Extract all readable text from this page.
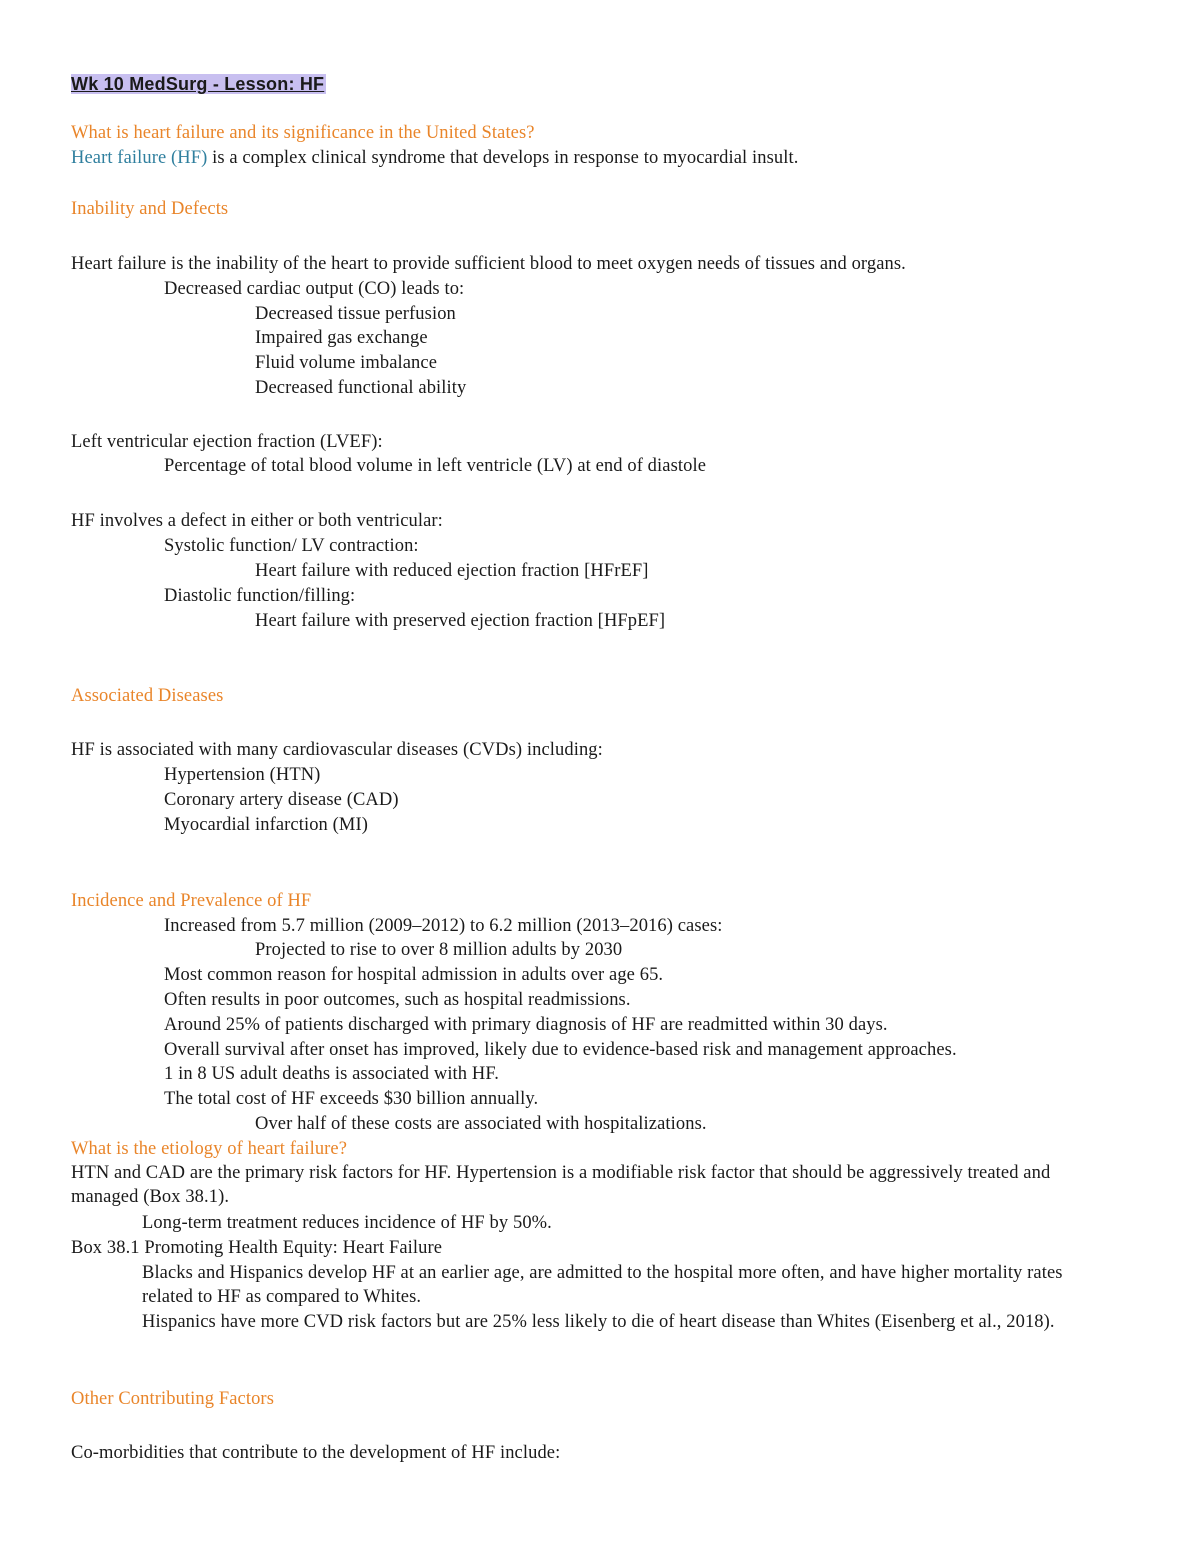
Wk 10 MedSurg - Lesson: HF
What is heart failure and its significance in the United States?
Heart failure (HF) is a complex clinical syndrome that develops in response to myocardial insult.
Inability and Defects
Heart failure is the inability of the heart to provide sufficient blood to meet oxygen needs of tissues and organs.
Decreased cardiac output (CO) leads to:
Decreased tissue perfusion
Impaired gas exchange
Fluid volume imbalance
Decreased functional ability
Left ventricular ejection fraction (LVEF):
Percentage of total blood volume in left ventricle (LV) at end of diastole
HF involves a defect in either or both ventricular:
Systolic function/ LV contraction:
Heart failure with reduced ejection fraction [HFrEF]
Diastolic function/filling:
Heart failure with preserved ejection fraction [HFpEF]
Associated Diseases
HF is associated with many cardiovascular diseases (CVDs) including:
Hypertension (HTN)
Coronary artery disease (CAD)
Myocardial infarction (MI)
Incidence and Prevalence of HF
Increased from 5.7 million (2009–2012) to 6.2 million (2013–2016) cases:
Projected to rise to over 8 million adults by 2030
Most common reason for hospital admission in adults over age 65.
Often results in poor outcomes, such as hospital readmissions.
Around 25% of patients discharged with primary diagnosis of HF are readmitted within 30 days.
Overall survival after onset has improved, likely due to evidence-based risk and management approaches.
1 in 8 US adult deaths is associated with HF.
The total cost of HF exceeds $30 billion annually.
Over half of these costs are associated with hospitalizations.
What is the etiology of heart failure?
HTN and CAD are the primary risk factors for HF. Hypertension is a modifiable risk factor that should be aggressively treated and managed (Box 38.1).
Long-term treatment reduces incidence of HF by 50%.
Box 38.1 Promoting Health Equity: Heart Failure
Blacks and Hispanics develop HF at an earlier age, are admitted to the hospital more often, and have higher mortality rates related to HF as compared to Whites.
Hispanics have more CVD risk factors but are 25% less likely to die of heart disease than Whites (Eisenberg et al., 2018).
Other Contributing Factors
Co-morbidities that contribute to the development of HF include:
